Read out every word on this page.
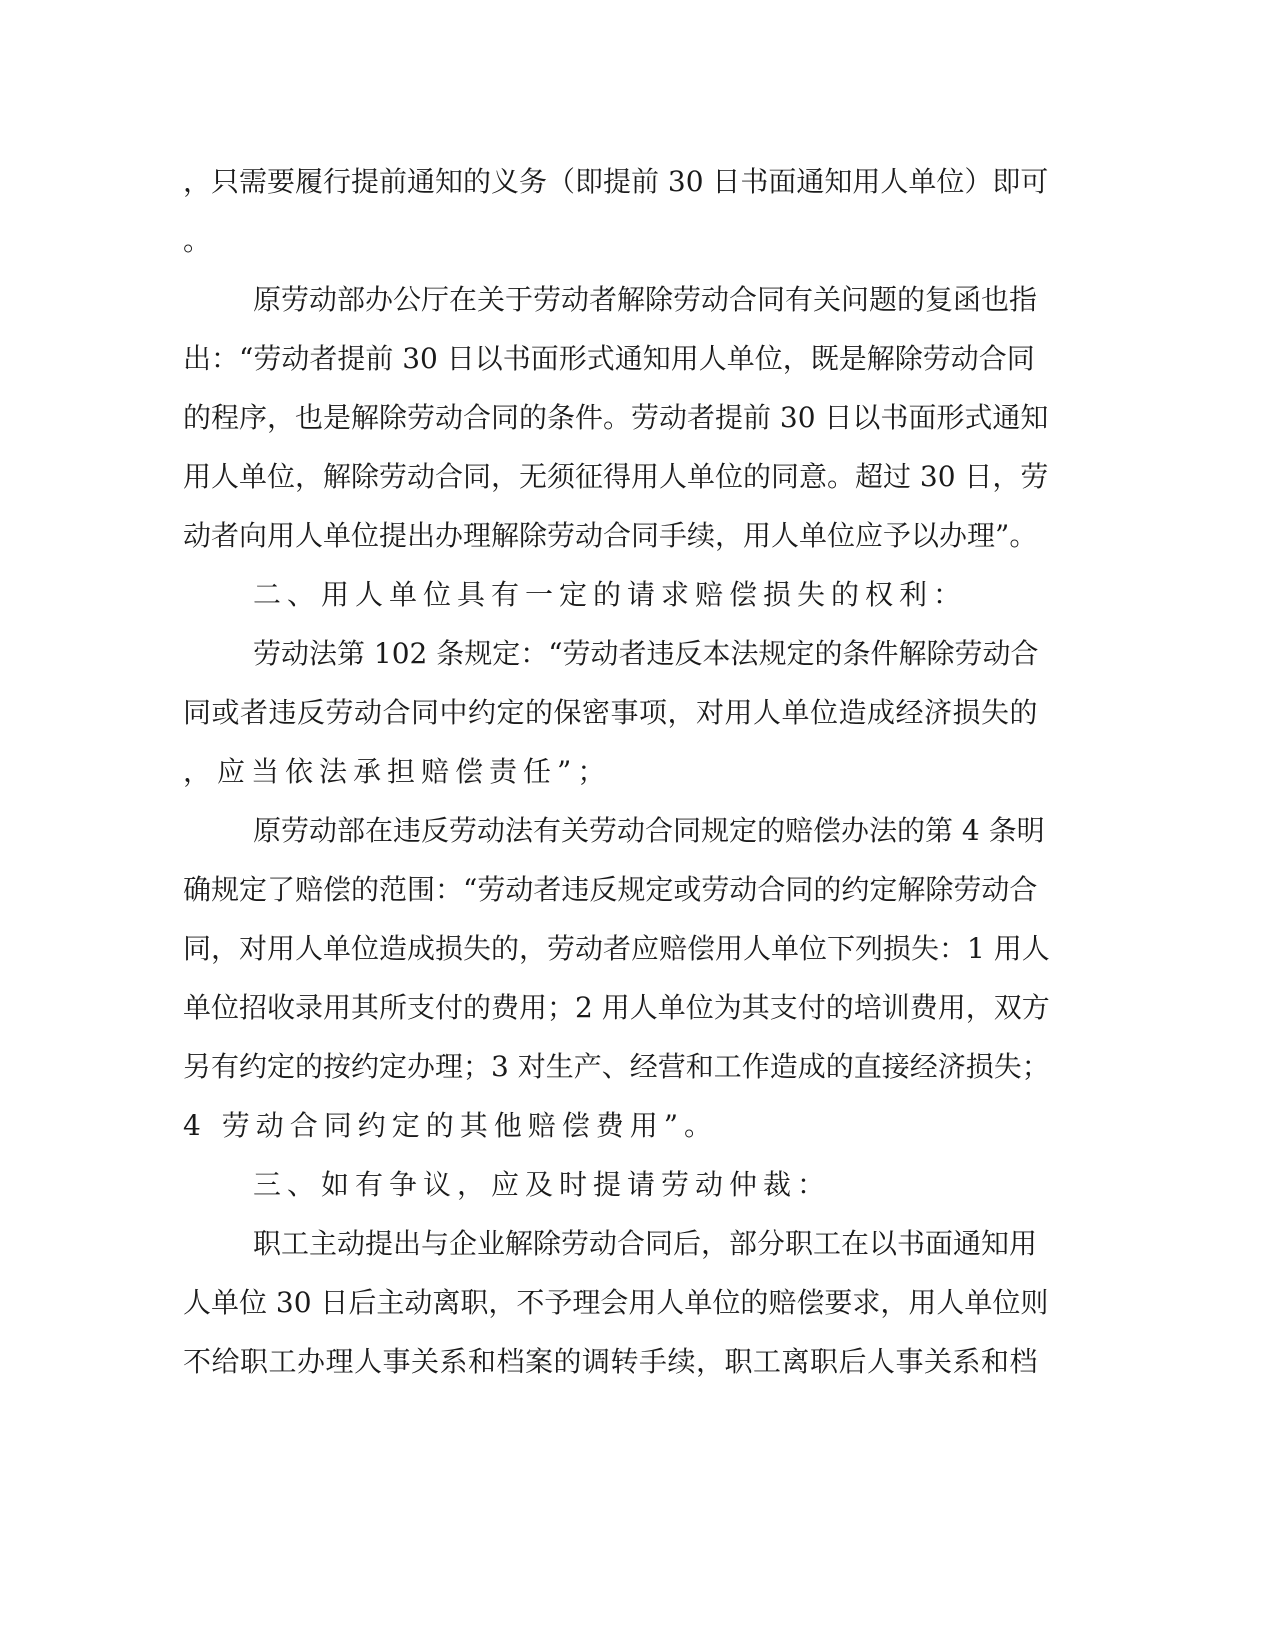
，只需要履行提前通知的义务（即提前 30 日书面通知用人单位）即可
。
原劳动部办公厅在关于劳动者解除劳动合同有关问题的复函也指
出：“劳动者提前 30 日以书面形式通知用人单位，既是解除劳动合同
的程序，也是解除劳动合同的条件。劳动者提前 30 日以书面形式通知
用人单位，解除劳动合同，无须征得用人单位的同意。超过 30 日，劳
动者向用人单位提出办理解除劳动合同手续，用人单位应予以办理”。
二、用人单位具有一定的请求赔偿损失的权利：
劳动法第 102 条规定：“劳动者违反本法规定的条件解除劳动合
同或者违反劳动合同中约定的保密事项，对用人单位造成经济损失的
，应当依法承担赔偿责任”；
原劳动部在违反劳动法有关劳动合同规定的赔偿办法的第 4 条明
确规定了赔偿的范围：“劳动者违反规定或劳动合同的约定解除劳动合
同，对用人单位造成损失的，劳动者应赔偿用人单位下列损失：1 用人
单位招收录用其所支付的费用；2 用人单位为其支付的培训费用，双方
另有约定的按约定办理；3 对生产、经营和工作造成的直接经济损失；
4 劳动合同约定的其他赔偿费用”。
三、如有争议，应及时提请劳动仲裁：
职工主动提出与企业解除劳动合同后，部分职工在以书面通知用
人单位 30 日后主动离职，不予理会用人单位的赔偿要求，用人单位则
不给职工办理人事关系和档案的调转手续，职工离职后人事关系和档
